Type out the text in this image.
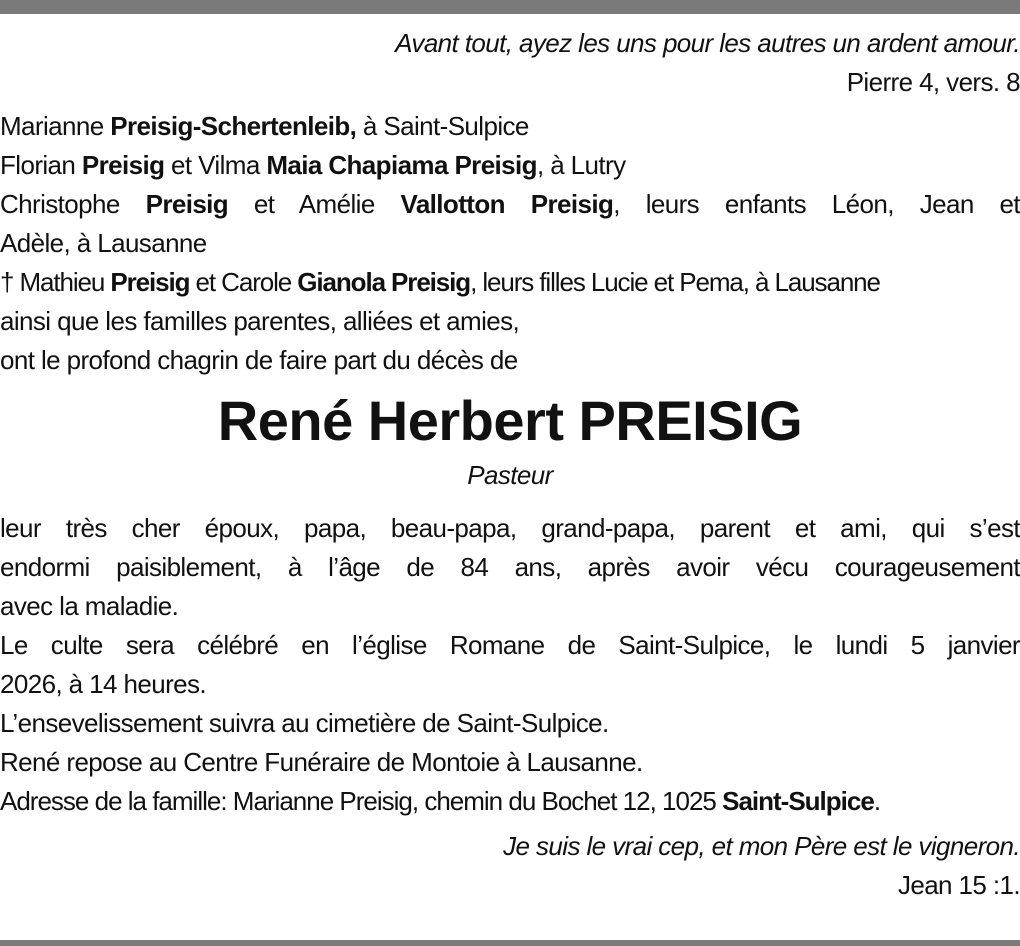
Avant tout, ayez les uns pour les autres un ardent amour.
Pierre 4, vers. 8
Marianne Preisig-Schertenleib, à Saint-Sulpice
Florian Preisig et Vilma Maia Chapiama Preisig, à Lutry
Christophe Preisig et Amélie Vallotton Preisig, leurs enfants Léon, Jean et
Adèle, à Lausanne
† Mathieu Preisig et Carole Gianola Preisig, leurs filles Lucie et Pema, à Lausanne
ainsi que les familles parentes, alliées et amies,
ont le profond chagrin de faire part du décès de
René Herbert PREISIG
Pasteur
leur très cher époux, papa, beau-papa, grand-papa, parent et ami, qui s’est
endormi paisiblement, à l’âge de 84 ans, après avoir vécu courageusement
avec la maladie.
Le culte sera célébré en l’église Romane de Saint-Sulpice, le lundi 5 janvier
2026, à 14 heures.
L’ensevelissement suivra au cimetière de Saint-Sulpice.
René repose au Centre Funéraire de Montoie à Lausanne.
Adresse de la famille: Marianne Preisig, chemin du Bochet 12, 1025 Saint-Sulpice.
Je suis le vrai cep, et mon Père est le vigneron.
Jean 15 :1.
